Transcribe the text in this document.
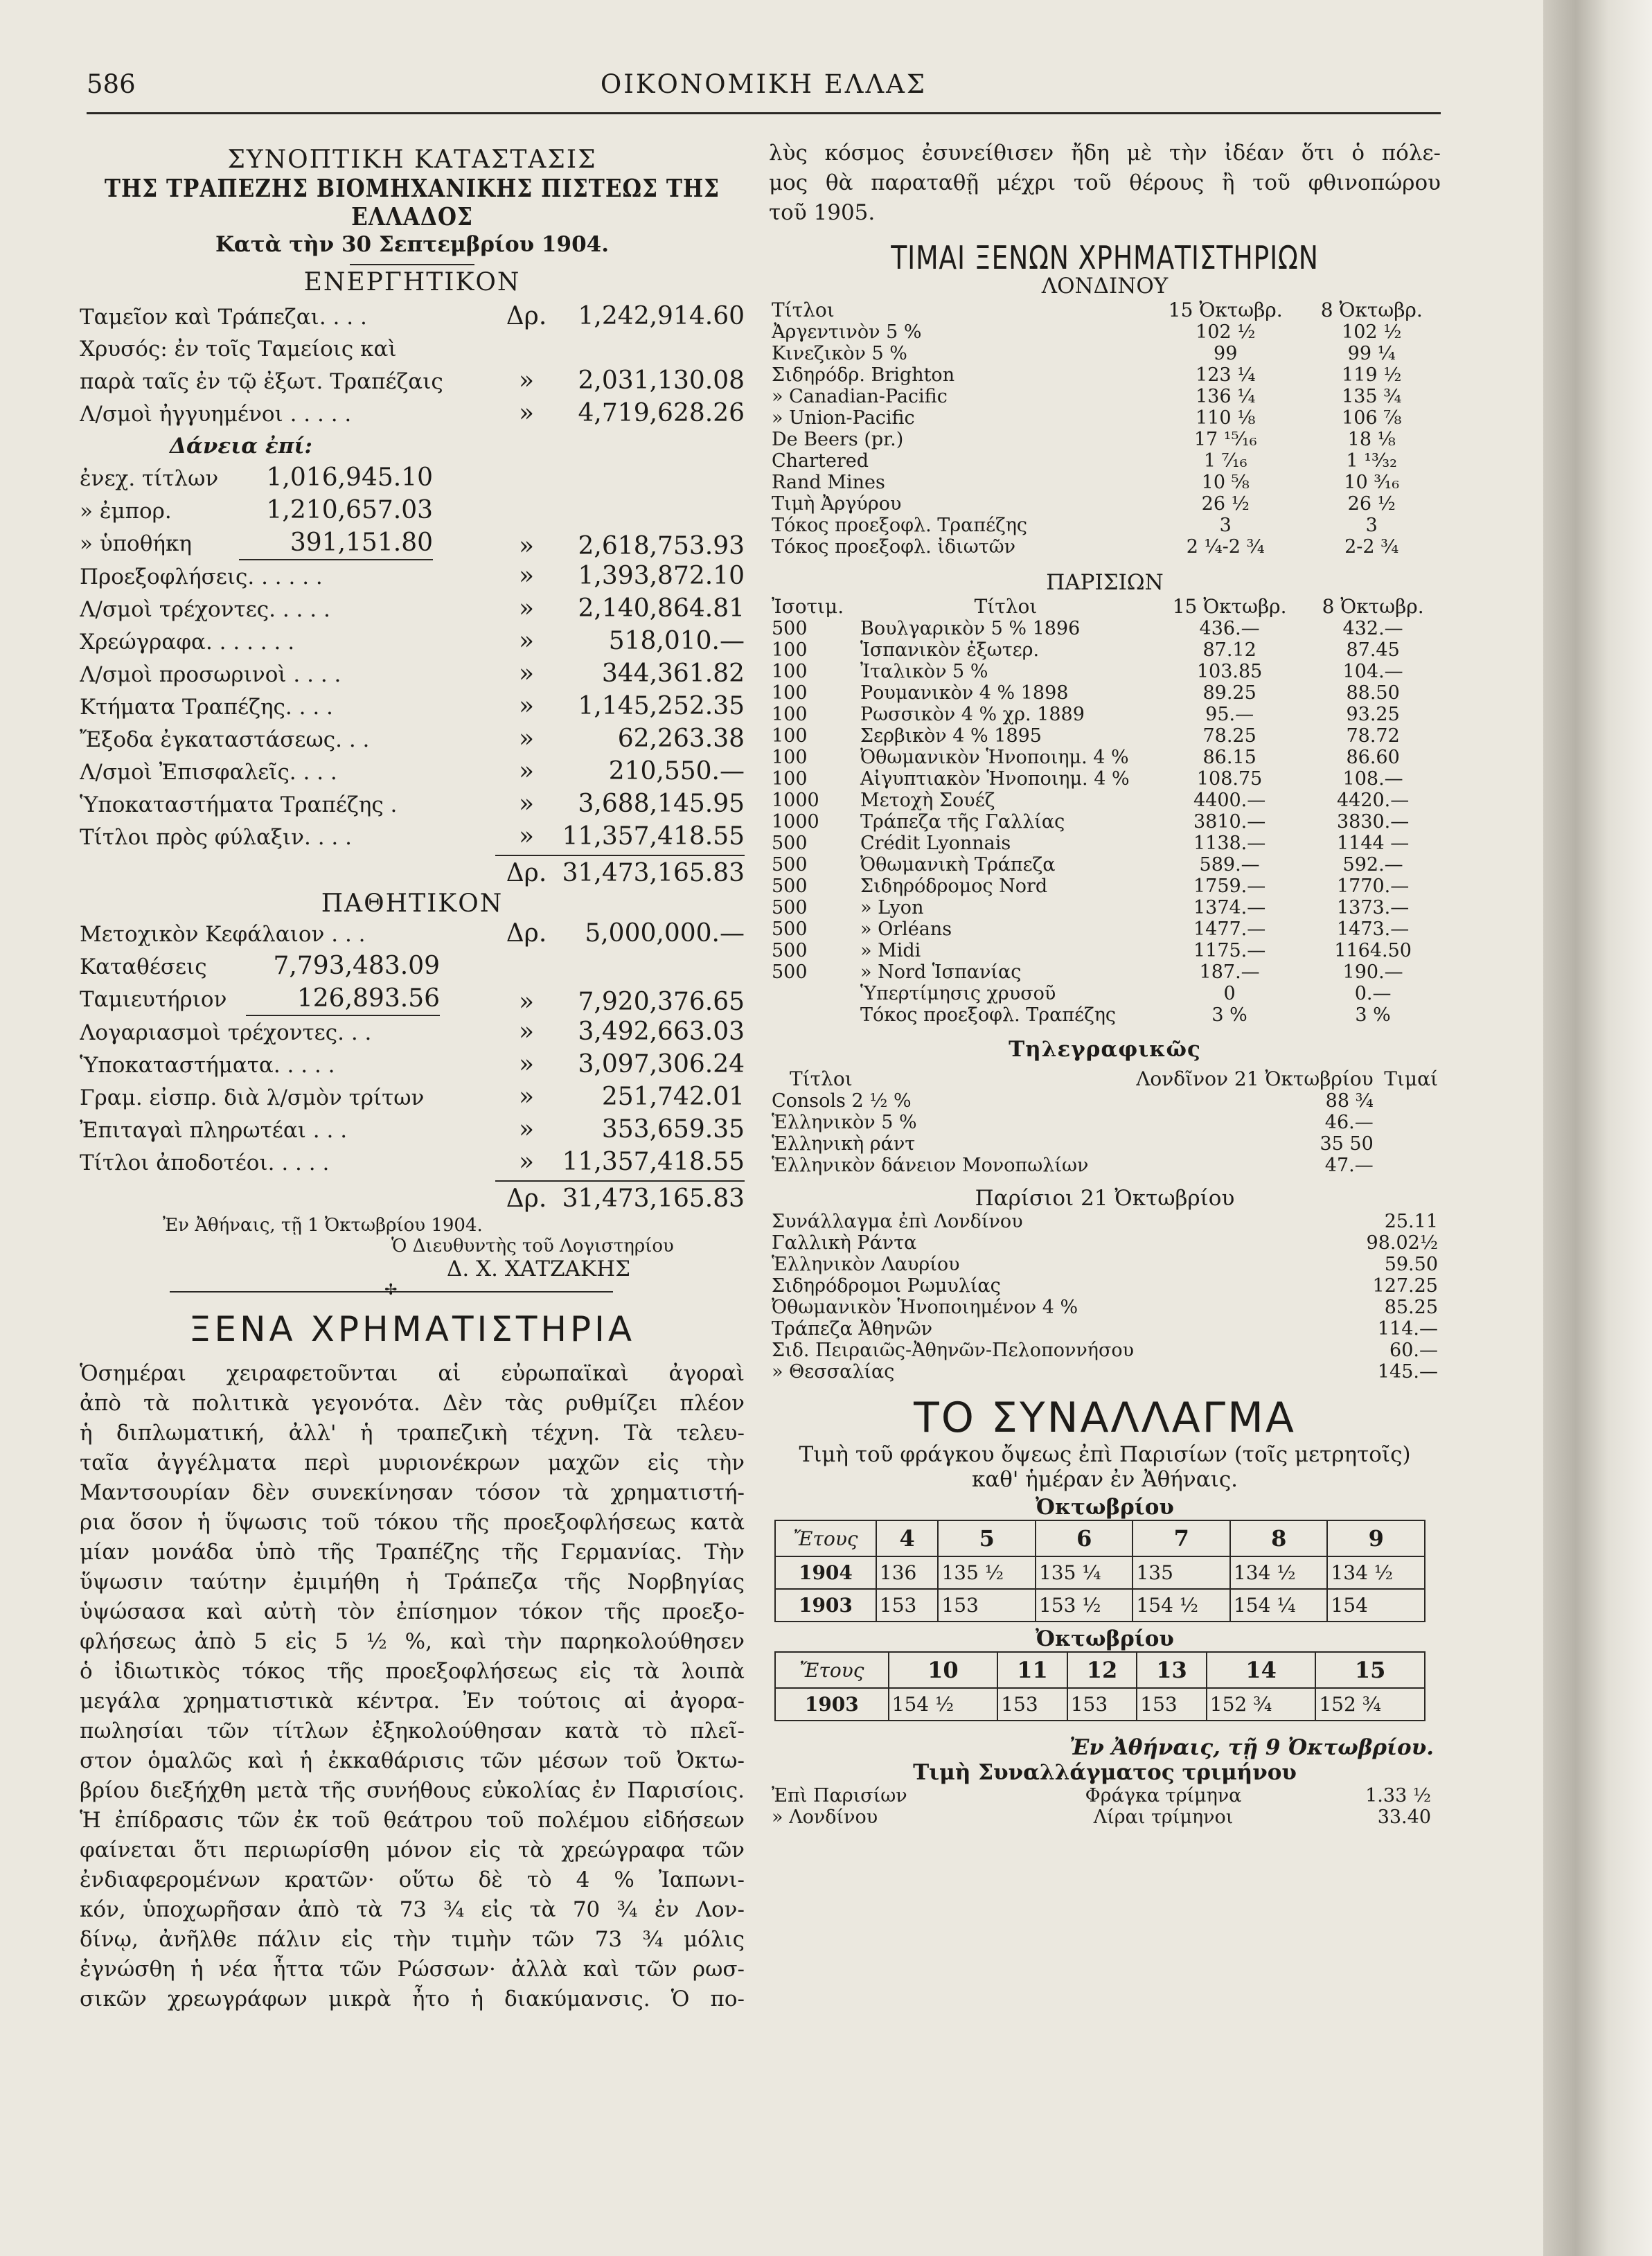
586	ΟΙΚΟΝΟΜΙΚΗ ΕΛΛΑΣ
ΣΥΝΟΠΤΙΚΗ ΚΑΤΑΣΤΑΣΙΣ
ΤΗΣ ΤΡΑΠΕΖΗΣ ΒΙΟΜΗΧΑΝΙΚΗΣ ΠΙΣΤΕΩΣ ΤΗΣ ΕΛΛΑΔΟΣ
Κατὰ τὴν 30 Σεπτεμβρίου 1904.
ΕΝΕΡΓΗΤΙΚΟΝ
Ταμεῖον καὶ Τράπεζαι. . . .	Δρ.	1,242,914.60
Χρυσός: ἐν τοῖς Ταμείοις καὶ
παρὰ ταῖς ἐν τῷ ἐξωτ. Τραπέζαις	»	2,031,130.08
Λ/σμοὶ ἠγγυημένοι . . . . .	»	4,719,628.26
Δάνεια ἐπί:
ἐνεχ. τίτλων	1,016,945.10
» ἐμπορ.	1,210,657.03
» ὑποθήκη	391,151.80	»	2,618,753.93
Προεξοφλήσεις. . . . . .	»	1,393,872.10
Λ/σμοὶ τρέχοντες. . . . .	»	2,140,864.81
Χρεώγραφα. . . . . . .	»	518,010.—
Λ/σμοὶ προσωρινοὶ . . . .	»	344,361.82
Κτήματα Τραπέζης. . . .	»	1,145,252.35
Ἔξοδα ἐγκαταστάσεως. . .	»	62,263.38
Λ/σμοὶ Ἐπισφαλεῖς. . . .	»	210,550.—
Ὑποκαταστήματα Τραπέζης .	»	3,688,145.95
Τίτλοι πρὸς φύλαξιν. . . .	»	11,357,418.55
Δρ. 31,473,165.83
ΠΑΘΗΤΙΚΟΝ
Μετοχικὸν Κεφάλαιον . . .	Δρ.	5,000,000.—
Καταθέσεις	7,793,483.09
Ταμιευτήριον	126,893.56	»	7,920,376.65
Λογαριασμοὶ τρέχοντες. . .	»	3,492,663.03
Ὑποκαταστήματα. . . . .	»	3,097,306.24
Γραμ. εἰσπρ. διὰ λ/σμὸν τρίτων	»	251,742.01
Ἐπιταγαὶ πληρωτέαι . . .	»	353,659.35
Τίτλοι ἀποδοτέοι. . . . .	»	11,357,418.55
Δρ. 31,473,165.83
Ἐν Ἀθήναις, τῇ 1 Ὀκτωβρίου 1904.
Ὁ Διευθυντὴς τοῦ Λογιστηρίου
Δ. Χ. ΧΑΤΖΑΚΗΣ
✢
ΞΕΝΑ ΧΡΗΜΑΤΙΣΤΗΡΙΑ
Ὁσημέραι χειραφετοῦνται αἱ εὐρωπαϊκαὶ ἀγοραὶ
ἀπὸ τὰ πολιτικὰ γεγονότα. Δὲν τὰς ρυθμίζει πλέον
ἡ διπλωματική, ἀλλ' ἡ τραπεζικὴ τέχνη. Τὰ τελευ-
ταῖα ἀγγέλματα περὶ μυριονέκρων μαχῶν εἰς τὴν
Μαντσουρίαν δὲν συνεκίνησαν τόσον τὰ χρηματιστή-
ρια ὅσον ἡ ὕψωσις τοῦ τόκου τῆς προεξοφλήσεως κατὰ
μίαν μονάδα ὑπὸ τῆς Τραπέζης τῆς Γερμανίας. Τὴν
ὕψωσιν ταύτην ἐμιμήθη ἡ Τράπεζα τῆς Νορβηγίας
ὑψώσασα καὶ αὐτὴ τὸν ἐπίσημον τόκον τῆς προεξο-
φλήσεως ἀπὸ 5 εἰς 5 ½ %, καὶ τὴν παρηκολούθησεν
ὁ ἰδιωτικὸς τόκος τῆς προεξοφλήσεως εἰς τὰ λοιπὰ
μεγάλα χρηματιστικὰ κέντρα. Ἐν τούτοις αἱ ἀγορα-
πωλησίαι τῶν τίτλων ἐξηκολούθησαν κατὰ τὸ πλεῖ-
στον ὁμαλῶς καὶ ἡ ἐκκαθάρισις τῶν μέσων τοῦ Ὀκτω-
βρίου διεξήχθη μετὰ τῆς συνήθους εὐκολίας ἐν Παρισίοις.
Ἡ ἐπίδρασις τῶν ἐκ τοῦ θεάτρου τοῦ πολέμου εἰδήσεων
φαίνεται ὅτι περιωρίσθη μόνον εἰς τὰ χρεώγραφα τῶν
ἐνδιαφερομένων κρατῶν· οὕτω δὲ τὸ 4 % Ἰαπωνι-
κόν, ὑποχωρῆσαν ἀπὸ τὰ 73 ¾ εἰς τὰ 70 ¾ ἐν Λον-
δίνῳ, ἀνῆλθε πάλιν εἰς τὴν τιμὴν τῶν 73 ¾ μόλις
ἐγνώσθη ἡ νέα ἧττα τῶν Ρώσσων· ἀλλὰ καὶ τῶν ρωσ-
σικῶν χρεωγράφων μικρὰ ἦτο ἡ διακύμανσις. Ὁ πο-
λὺς κόσμος ἐσυνείθισεν ἤδη μὲ τὴν ἰδέαν ὅτι ὁ πόλε-
μος θὰ παραταθῇ μέχρι τοῦ θέρους ἢ τοῦ φθινοπώρου
τοῦ 1905.
ΤΙΜΑΙ ΞΕΝΩΝ ΧΡΗΜΑΤΙΣΤΗΡΙΩΝ
ΛΟΝΔΙΝΟΥ
Τίτλοι	15 Ὀκτωβρ.	8 Ὀκτωβρ.
Ἀργεντινὸν 5 %	102 ½	102 ½
Κινεζικὸν 5 %	99	99 ¼
Σιδηρόδρ. Brighton	123 ¼	119 ½
» Canadian-Pacific	136 ¼	135 ¾
» Union-Pacific	110 ⅛	106 ⅞
De Beers (pr.)	17 ¹⁵⁄₁₆	18 ⅛
Chartered	1 ⁷⁄₁₆	1 ¹³⁄₃₂
Rand Mines	10 ⅝	10 ³⁄₁₆
Τιμὴ Ἀργύρου	26 ½	26 ½
Τόκος προεξοφλ. Τραπέζης	3	3
Τόκος προεξοφλ. ἰδιωτῶν	2 ¼-2 ¾	2-2 ¾
ΠΑΡΙΣΙΩΝ
Ἰσοτιμ.	Τίτλοι	15 Ὀκτωβρ.	8 Ὀκτωβρ.
500	Βουλγαρικὸν 5 % 1896	436.—	432.—
100	Ἱσπανικὸν ἐξωτερ.	87.12	87.45
100	Ἰταλικὸν 5 %	103.85	104.—
100	Ρουμανικὸν 4 % 1898	89.25	88.50
100	Ρωσσικὸν 4 % χρ. 1889	95.—	93.25
100	Σερβικὸν 4 % 1895	78.25	78.72
100	Ὀθωμανικὸν Ἡνοποιημ. 4 %	86.15	86.60
100	Αἰγυπτιακὸν Ἡνοποιημ. 4 %	108.75	108.—
1000	Μετοχὴ Σουέζ	4400.—	4420.—
1000	Τράπεζα τῆς Γαλλίας	3810.—	3830.—
500	Crédit Lyonnais	1138.—	1144 —
500	Ὀθωμανικὴ Τράπεζα	589.—	592.—
500	Σιδηρόδρομος Nord	1759.—	1770.—
500	» Lyon	1374.—	1373.—
500	» Orléans	1477.—	1473.—
500	» Midi	1175.—	1164.50
500	» Nord Ἱσπανίας	187.—	190.—
	Ὑπερτίμησις χρυσοῦ	0	0.—
	Τόκος προεξοφλ. Τραπέζης	3 %	3 %
Τηλεγραφικῶς
Τίτλοι	Λονδῖνον 21 Ὀκτωβρίου	Τιμαί
Consols 2 ½ %	88 ¾	
Ἑλληνικὸν 5 %	46.—	
Ἑλληνικὴ ράντ	35 50	
Ἑλληνικὸν δάνειον Μονοπωλίων	47.—	
Παρίσιοι 21 Ὀκτωβρίου
Συνάλλαγμα ἐπὶ Λονδίνου	25.11
Γαλλικὴ Ράντα	98.02½
Ἑλληνικὸν Λαυρίου	59.50
Σιδηρόδρομοι Ρωμυλίας	127.25
Ὀθωμανικὸν Ἡνοποιημένον 4 %	85.25
Τράπεζα Ἀθηνῶν	114.—
Σιδ. Πειραιῶς-Ἀθηνῶν-Πελοποννήσου	60.—
» Θεσσαλίας	145.—
ΤΟ ΣΥΝΑΛΛΑΓΜΑ
Τιμὴ τοῦ φράγκου ὄψεως ἐπὶ Παρισίων (τοῖς μετρητοῖς)
καθ' ἡμέραν ἐν Ἀθήναις.
Ὀκτωβρίου
Ἔτους	4	5	6	7	8	9
1904	136	135 ½	135 ¼	135	134 ½	134 ½
1903	153	153	153 ½	154 ½	154 ¼	154
Ὀκτωβρίου
Ἔτους	10	11	12	13	14	15
1903	154 ½	153	153	153	152 ¾	152 ¾
Ἐν Ἀθήναις, τῇ 9 Ὀκτωβρίου.
Τιμὴ Συναλλάγματος τριμήνου
Ἐπὶ Παρισίων	Φράγκα τρίμηνα	1.33 ½
» Λονδίνου	Λίραι τρίμηνοι	33.40
